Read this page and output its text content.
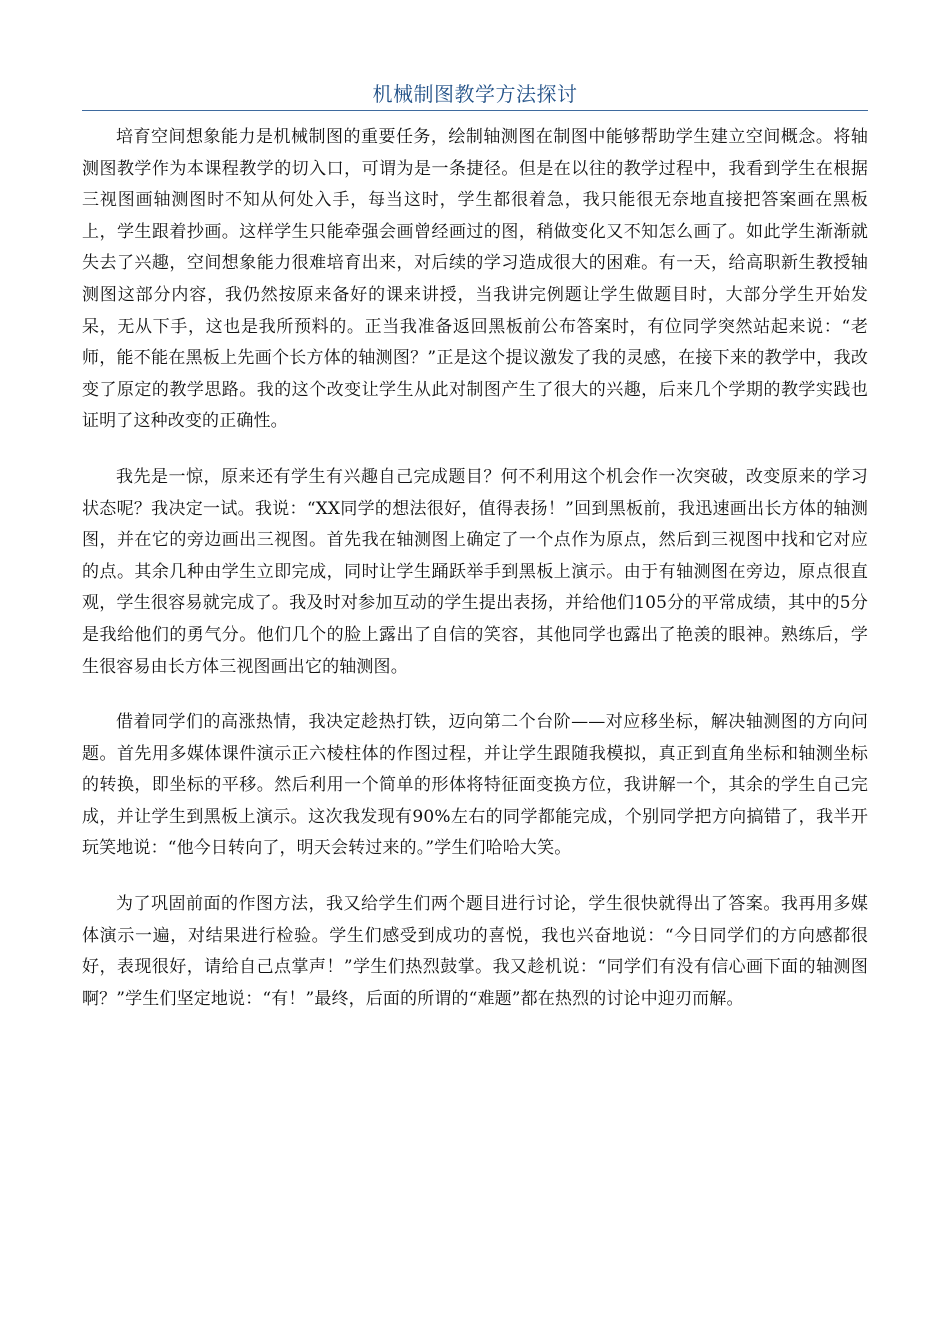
机械制图教学方法探讨

培育空间想象能力是机械制图的重要任务，绘制轴测图在制图中能够帮助学生建立空间概念。将轴测图教学作为本课程教学的切入口，可谓为是一条捷径。但是在以往的教学过程中，我看到学生在根据三视图画轴测图时不知从何处入手，每当这时，学生都很着急，我只能很无奈地直接把答案画在黑板上，学生跟着抄画。这样学生只能牵强会画曾经画过的图，稍做变化又不知怎么画了。如此学生渐渐就失去了兴趣，空间想象能力很难培育出来，对后续的学习造成很大的困难。有一天，给高职新生教授轴测图这部分内容，我仍然按原来备好的课来讲授，当我讲完例题让学生做题目时，大部分学生开始发呆，无从下手，这也是我所预料的。正当我准备返回黑板前公布答案时，有位同学突然站起来说：“老师，能不能在黑板上先画个长方体的轴测图？”正是这个提议激发了我的灵感，在接下来的教学中，我改变了原定的教学思路。我的这个改变让学生从此对制图产生了很大的兴趣，后来几个学期的教学实践也证明了这种改变的正确性。

我先是一惊，原来还有学生有兴趣自己完成题目？何不利用这个机会作一次突破，改变原来的学习状态呢？我决定一试。我说：“XX同学的想法很好，值得表扬！”回到黑板前，我迅速画出长方体的轴测图，并在它的旁边画出三视图。首先我在轴测图上确定了一个点作为原点，然后到三视图中找和它对应的点。其余几种由学生立即完成，同时让学生踊跃举手到黑板上演示。由于有轴测图在旁边，原点很直观，学生很容易就完成了。我及时对参加互动的学生提出表扬，并给他们105分的平常成绩，其中的5分是我给他们的勇气分。他们几个的脸上露出了自信的笑容，其他同学也露出了艳羡的眼神。熟练后，学生很容易由长方体三视图画出它的轴测图。

借着同学们的高涨热情，我决定趁热打铁，迈向第二个台阶——对应移坐标，解决轴测图的方向问题。首先用多媒体课件演示正六棱柱体的作图过程，并让学生跟随我模拟，真正到直角坐标和轴测坐标的转换，即坐标的平移。然后利用一个简单的形体将特征面变换方位，我讲解一个，其余的学生自己完成，并让学生到黑板上演示。这次我发现有90%左右的同学都能完成，个别同学把方向搞错了，我半开玩笑地说：“他今日转向了，明天会转过来的。”学生们哈哈大笑。

为了巩固前面的作图方法，我又给学生们两个题目进行讨论，学生很快就得出了答案。我再用多媒体演示一遍，对结果进行检验。学生们感受到成功的喜悦，我也兴奋地说：“今日同学们的方向感都很好，表现很好，请给自己点掌声！”学生们热烈鼓掌。我又趁机说：“同学们有没有信心画下面的轴测图啊？”学生们坚定地说：“有！”最终，后面的所谓的“难题”都在热烈的讨论中迎刃而解。
